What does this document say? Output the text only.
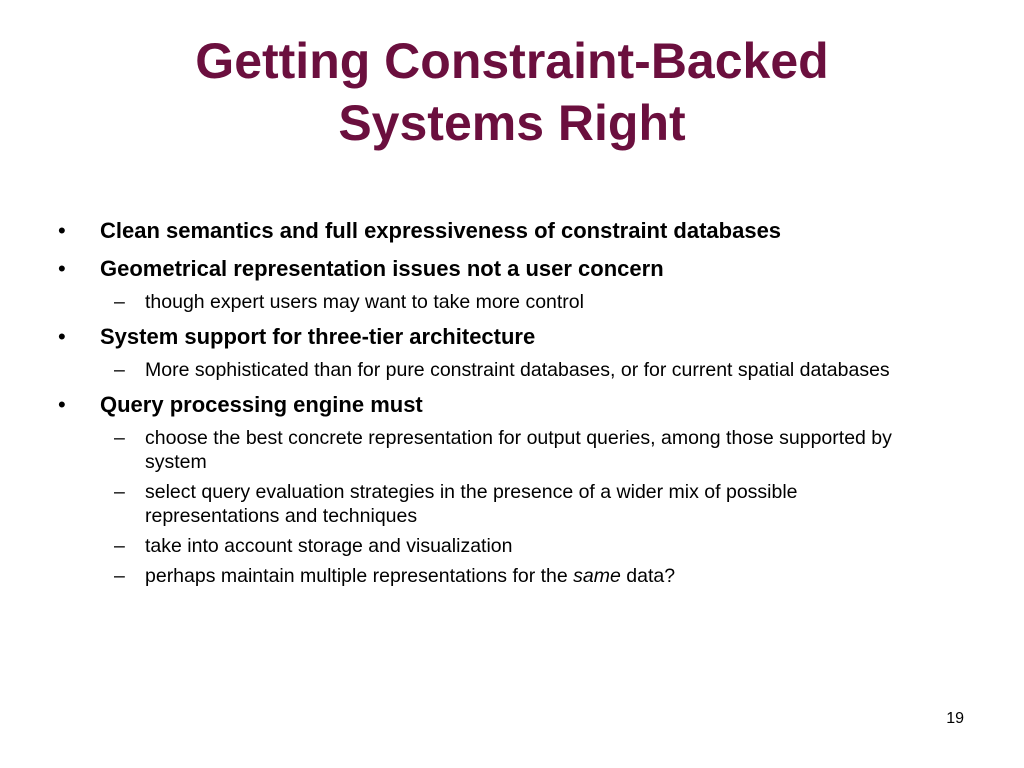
Getting Constraint-Backed
Systems Right
• Clean semantics and full expressiveness of constraint databases
• Geometrical representation issues not a user concern
– though expert users may want to take more control
• System support for three-tier architecture
– More sophisticated than for pure constraint databases, or for current spatial databases
• Query processing engine must
– choose the best concrete representation for output queries, among those supported by system
– select query evaluation strategies in the presence of a wider mix of possible representations and techniques
– take into account storage and visualization
– perhaps maintain multiple representations for the same data?
19
